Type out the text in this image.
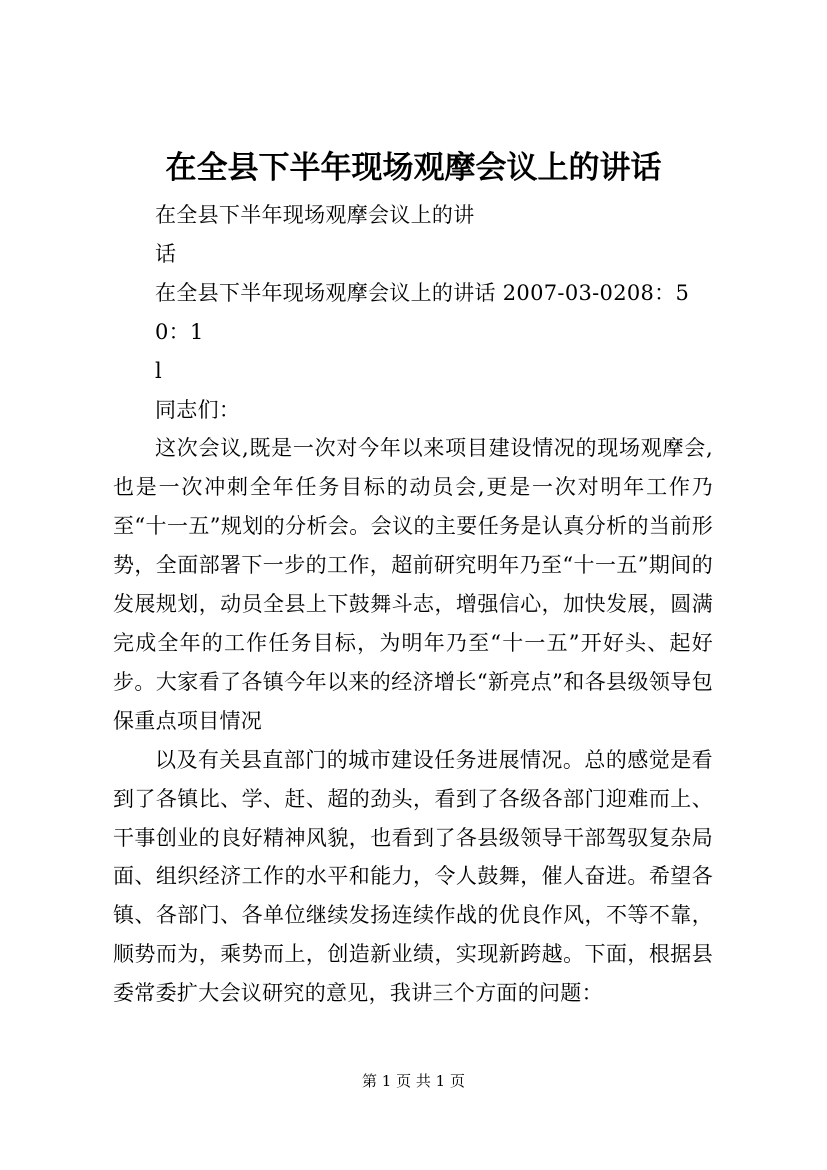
在全县下半年现场观摩会议上的讲话

在全县下半年现场观摩会议上的讲

话

在全县下半年现场观摩会议上的讲话 2007-03-0208：50：1

l

同志们：

这次会议,既是一次对今年以来项目建设情况的现场观摩会,也是一次冲刺全年任务目标的动员会,更是一次对明年工作乃至“十一五”规划的分析会。会议的主要任务是认真分析的当前形势，全面部署下一步的工作，超前研究明年乃至“十一五”期间的发展规划，动员全县上下鼓舞斗志，增强信心，加快发展，圆满完成全年的工作任务目标，为明年乃至“十一五”开好头、起好步。大家看了各镇今年以来的经济增长“新亮点”和各县级领导包保重点项目情况

以及有关县直部门的城市建设任务进展情况。总的感觉是看到了各镇比、学、赶、超的劲头，看到了各级各部门迎难而上、干事创业的良好精神风貌，也看到了各县级领导干部驾驭复杂局面、组织经济工作的水平和能力，令人鼓舞，催人奋进。希望各镇、各部门、各单位继续发扬连续作战的优良作风，不等不靠，顺势而为，乘势而上，创造新业绩，实现新跨越。下面，根据县委常委扩大会议研究的意见，我讲三个方面的问题：

第 1 页 共 1 页
